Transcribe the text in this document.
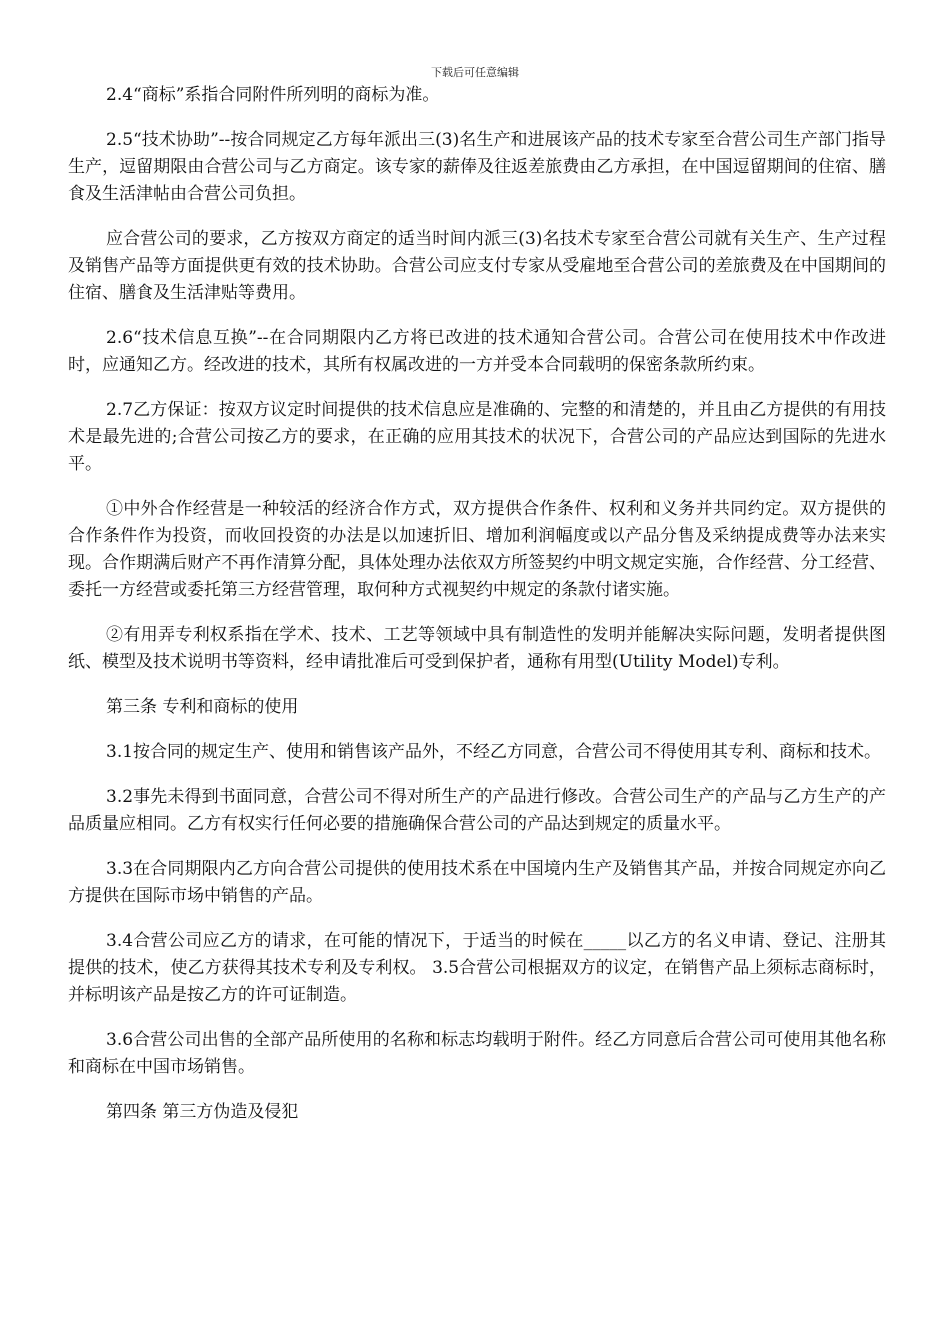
下载后可任意编辑

2.4“商标”系指合同附件所列明的商标为准。

2.5“技术协助”--按合同规定乙方每年派出三(3)名生产和进展该产品的技术专家至合营公司生产部门指导生产，逗留期限由合营公司与乙方商定。该专家的薪俸及往返差旅费由乙方承担，在中国逗留期间的住宿、膳食及生活津帖由合营公司负担。

应合营公司的要求，乙方按双方商定的适当时间内派三(3)名技术专家至合营公司就有关生产、生产过程及销售产品等方面提供更有效的技术协助。合营公司应支付专家从受雇地至合营公司的差旅费及在中国期间的住宿、膳食及生活津贴等费用。

2.6“技术信息互换”--在合同期限内乙方将已改进的技术通知合营公司。合营公司在使用技术中作改进时，应通知乙方。经改进的技术，其所有权属改进的一方并受本合同载明的保密条款所约束。

2.7乙方保证：按双方议定时间提供的技术信息应是准确的、完整的和清楚的，并且由乙方提供的有用技术是最先进的;合营公司按乙方的要求，在正确的应用其技术的状况下，合营公司的产品应达到国际的先进水平。

①中外合作经营是一种较活的经济合作方式，双方提供合作条件、权利和义务并共同约定。双方提供的合作条件作为投资，而收回投资的办法是以加速折旧、增加利润幅度或以产品分售及采纳提成费等办法来实现。合作期满后财产不再作清算分配，具体处理办法依双方所签契约中明文规定实施，合作经营、分工经营、委托一方经营或委托第三方经营管理，取何种方式视契约中规定的条款付诸实施。

②有用弄专利权系指在学术、技术、工艺等领域中具有制造性的发明并能解决实际问题，发明者提供图纸、模型及技术说明书等资料，经申请批准后可受到保护者，通称有用型(Utility Model)专利。

第三条 专利和商标的使用

3.1按合同的规定生产、使用和销售该产品外，不经乙方同意，合营公司不得使用其专利、商标和技术。

3.2事先未得到书面同意，合营公司不得对所生产的产品进行修改。合营公司生产的产品与乙方生产的产品质量应相同。乙方有权实行任何必要的措施确保合营公司的产品达到规定的质量水平。

3.3在合同期限内乙方向合营公司提供的使用技术系在中国境内生产及销售其产品，并按合同规定亦向乙方提供在国际市场中销售的产品。

3.4合营公司应乙方的请求，在可能的情况下，于适当的时候在_____以乙方的名义申请、登记、注册其提供的技术，使乙方获得其技术专利及专利权。 3.5合营公司根据双方的议定，在销售产品上须标志商标时，并标明该产品是按乙方的许可证制造。

3.6合营公司出售的全部产品所使用的名称和标志均载明于附件。经乙方同意后合营公司可使用其他名称和商标在中国市场销售。

第四条 第三方伪造及侵犯
